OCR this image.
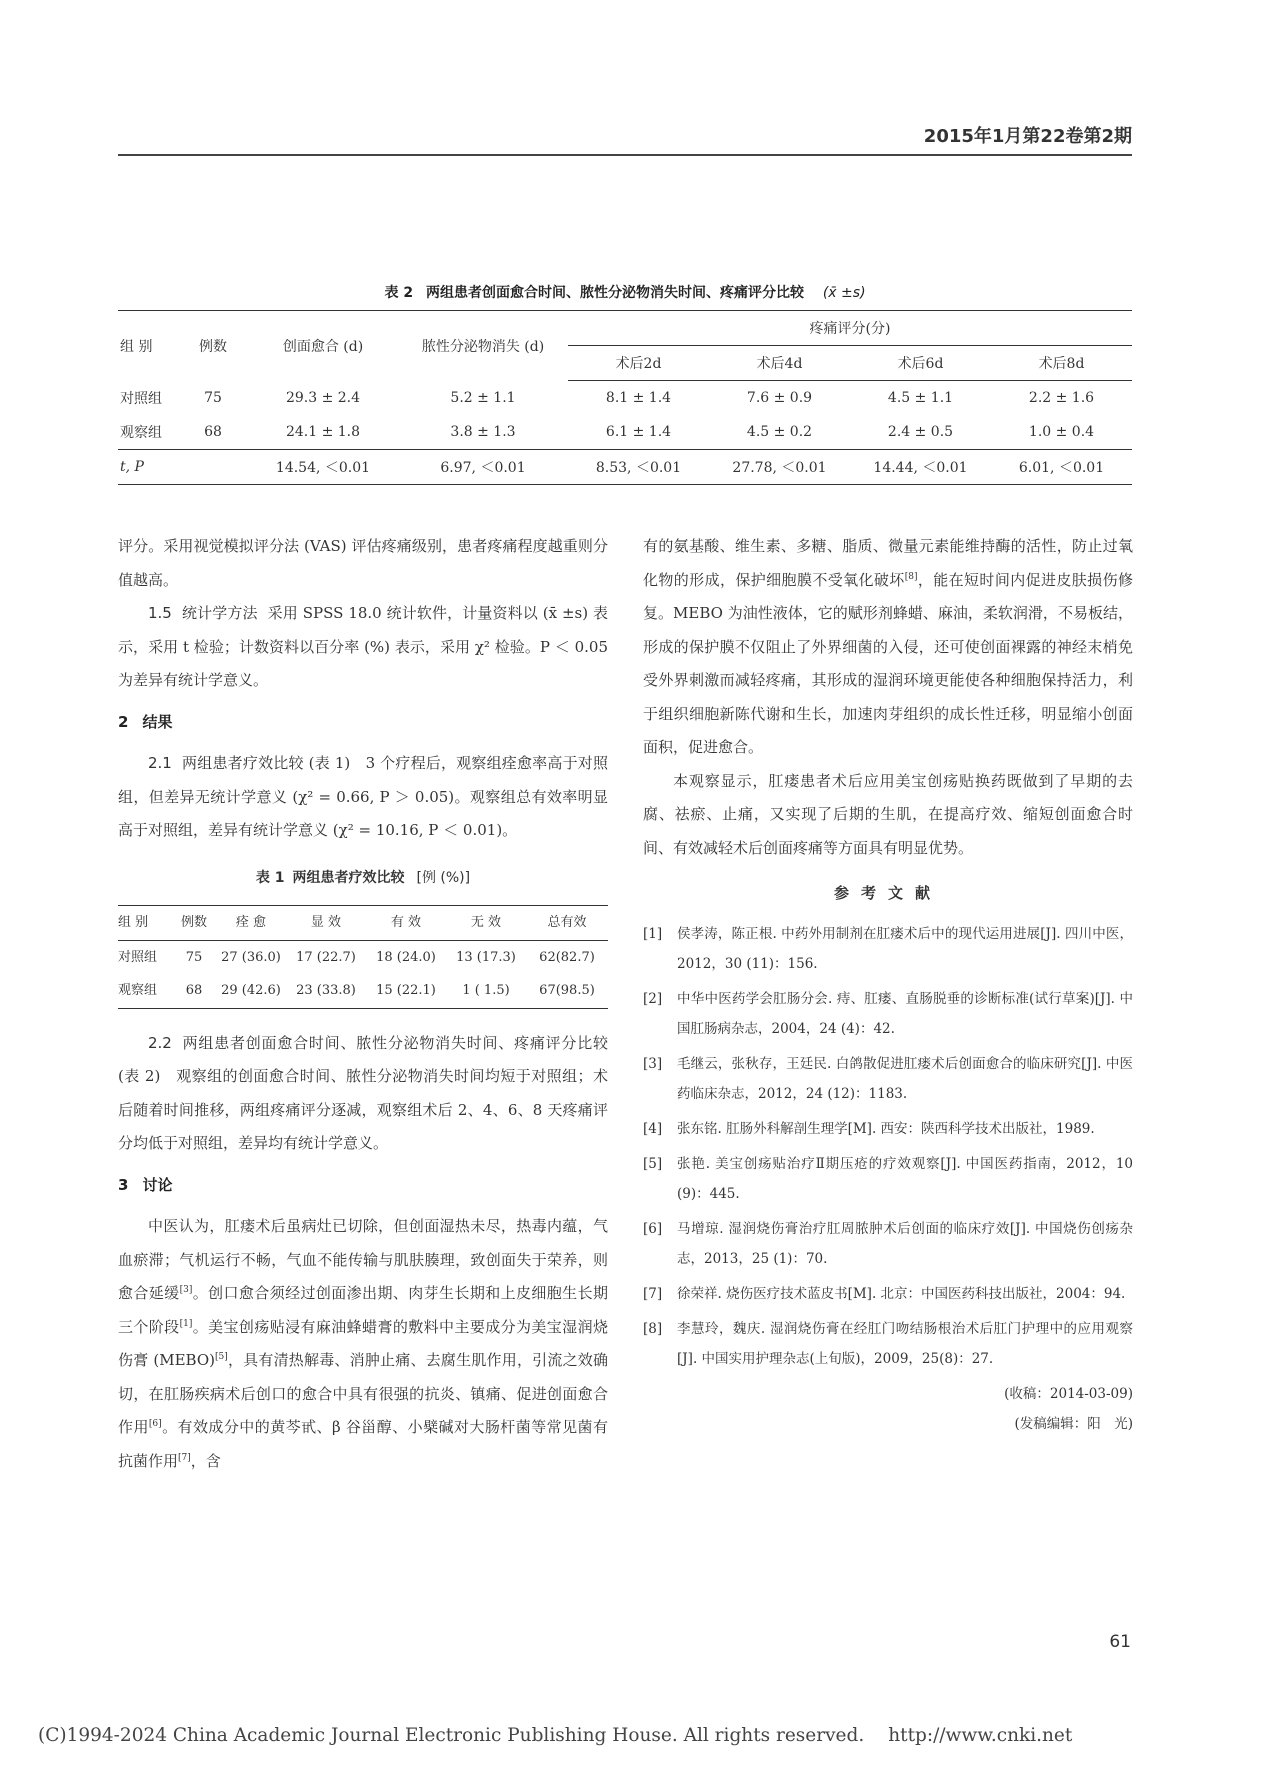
2015年1月第22卷第2期
表 2 两组患者创面愈合时间、脓性分泌物消失时间、疼痛评分比较 (x̄ ±s)
组 别	例数	创面愈合 (d)	脓性分泌物消失 (d)	疼痛评分(分)			
				术后2d	术后4d	术后6d	术后8d
对照组	75	29.3 ± 2.4	5.2 ± 1.1	8.1 ± 1.4	7.6 ± 0.9	4.5 ± 1.1	2.2 ± 1.6
观察组	68	24.1 ± 1.8	3.8 ± 1.3	6.1 ± 1.4	4.5 ± 0.2	2.4 ± 0.5	1.0 ± 0.4
t, P		14.54, ＜0.01	6.97, ＜0.01	8.53, ＜0.01	27.78, ＜0.01	14.44, ＜0.01	6.01, ＜0.01

评分。采用视觉模拟评分法 (VAS) 评估疼痛级别，患者疼痛程度越重则分值越高。

1.5 统计学方法 采用 SPSS 18.0 统计软件，计量资料以 (x̄ ±s) 表示，采用 t 检验；计数资料以百分率 (%) 表示，采用 χ² 检验。P ＜ 0.05 为差异有统计学意义。

2 结果

2.1 两组患者疗效比较 (表 1)　3 个疗程后，观察组痊愈率高于对照组，但差异无统计学意义 (χ² = 0.66, P ＞ 0.05)。观察组总有效率明显高于对照组，差异有统计学意义 (χ² = 10.16, P ＜ 0.01)。

表 1 两组患者疗效比较 [例 (%)]

组 别	例数	痊 愈	显 效	有 效	无 效	总有效
对照组	75	27 (36.0)	17 (22.7)	18 (24.0)	13 (17.3)	62(82.7)
观察组	68	29 (42.6)	23 (33.8)	15 (22.1)	1 ( 1.5)	67(98.5)

2.2 两组患者创面愈合时间、脓性分泌物消失时间、疼痛评分比较 (表 2)　观察组的创面愈合时间、脓性分泌物消失时间均短于对照组；术后随着时间推移，两组疼痛评分逐减，观察组术后 2、4、6、8 天疼痛评分均低于对照组，差异均有统计学意义。

3 讨论

中医认为，肛瘘术后虽病灶已切除，但创面湿热未尽，热毒内蕴，气血瘀滞；气机运行不畅，气血不能传输与肌肤腠理，致创面失于荣养，则愈合延缓[3]。创口愈合须经过创面渗出期、肉芽生长期和上皮细胞生长期三个阶段[1]。美宝创疡贴浸有麻油蜂蜡膏的敷料中主要成分为美宝湿润烧伤膏 (MEBO)[5]，具有清热解毒、消肿止痛、去腐生肌作用，引流之效确切，在肛肠疾病术后创口的愈合中具有很强的抗炎、镇痛、促进创面愈合作用[6]。有效成分中的黄芩甙、β 谷甾醇、小檗碱对大肠杆菌等常见菌有抗菌作用[7]，含

有的氨基酸、维生素、多糖、脂质、微量元素能维持酶的活性，防止过氧化物的形成，保护细胞膜不受氧化破坏[8]，能在短时间内促进皮肤损伤修复。MEBO 为油性液体，它的赋形剂蜂蜡、麻油，柔软润滑，不易板结，形成的保护膜不仅阻止了外界细菌的入侵，还可使创面裸露的神经末梢免受外界刺激而减轻疼痛，其形成的湿润环境更能使各种细胞保持活力，利于组织细胞新陈代谢和生长，加速肉芽组织的成长性迁移，明显缩小创面面积，促进愈合。

本观察显示，肛瘘患者术后应用美宝创疡贴换药既做到了早期的去腐、祛瘀、止痛，又实现了后期的生肌，在提高疗效、缩短创面愈合时间、有效减轻术后创面疼痛等方面具有明显优势。

参考文献

[1]	侯孝涛，陈正根. 中药外用制剂在肛瘘术后中的现代运用进展[J]. 四川中医，2012，30 (11)：156.
[2]	中华中医药学会肛肠分会. 痔、肛瘘、直肠脱垂的诊断标准(试行草案)[J]. 中国肛肠病杂志，2004，24 (4)：42.
[3]	毛继云，张秋存，王廷民. 白鸽散促进肛瘘术后创面愈合的临床研究[J]. 中医药临床杂志，2012，24 (12)：1183.
[4]	张东铭. 肛肠外科解剖生理学[M]. 西安：陕西科学技术出版社，1989.
[5]	张艳. 美宝创疡贴治疗Ⅱ期压疮的疗效观察[J]. 中国医药指南，2012，10 (9)：445.
[6]	马增琼. 湿润烧伤膏治疗肛周脓肿术后创面的临床疗效[J]. 中国烧伤创疡杂志，2013，25 (1)：70.
[7]	徐荣祥. 烧伤医疗技术蓝皮书[M]. 北京：中国医药科技出版社，2004：94.
[8]	李慧玲，魏庆. 湿润烧伤膏在经肛门吻结肠根治术后肛门护理中的应用观察[J]. 中国实用护理杂志(上旬版)，2009，25(8)：27.

(收稿：2014-03-09)

(发稿编辑：阳　光)

61
(C)1994-2024 China Academic Journal Electronic Publishing House. All rights reserved. http://www.cnki.net
